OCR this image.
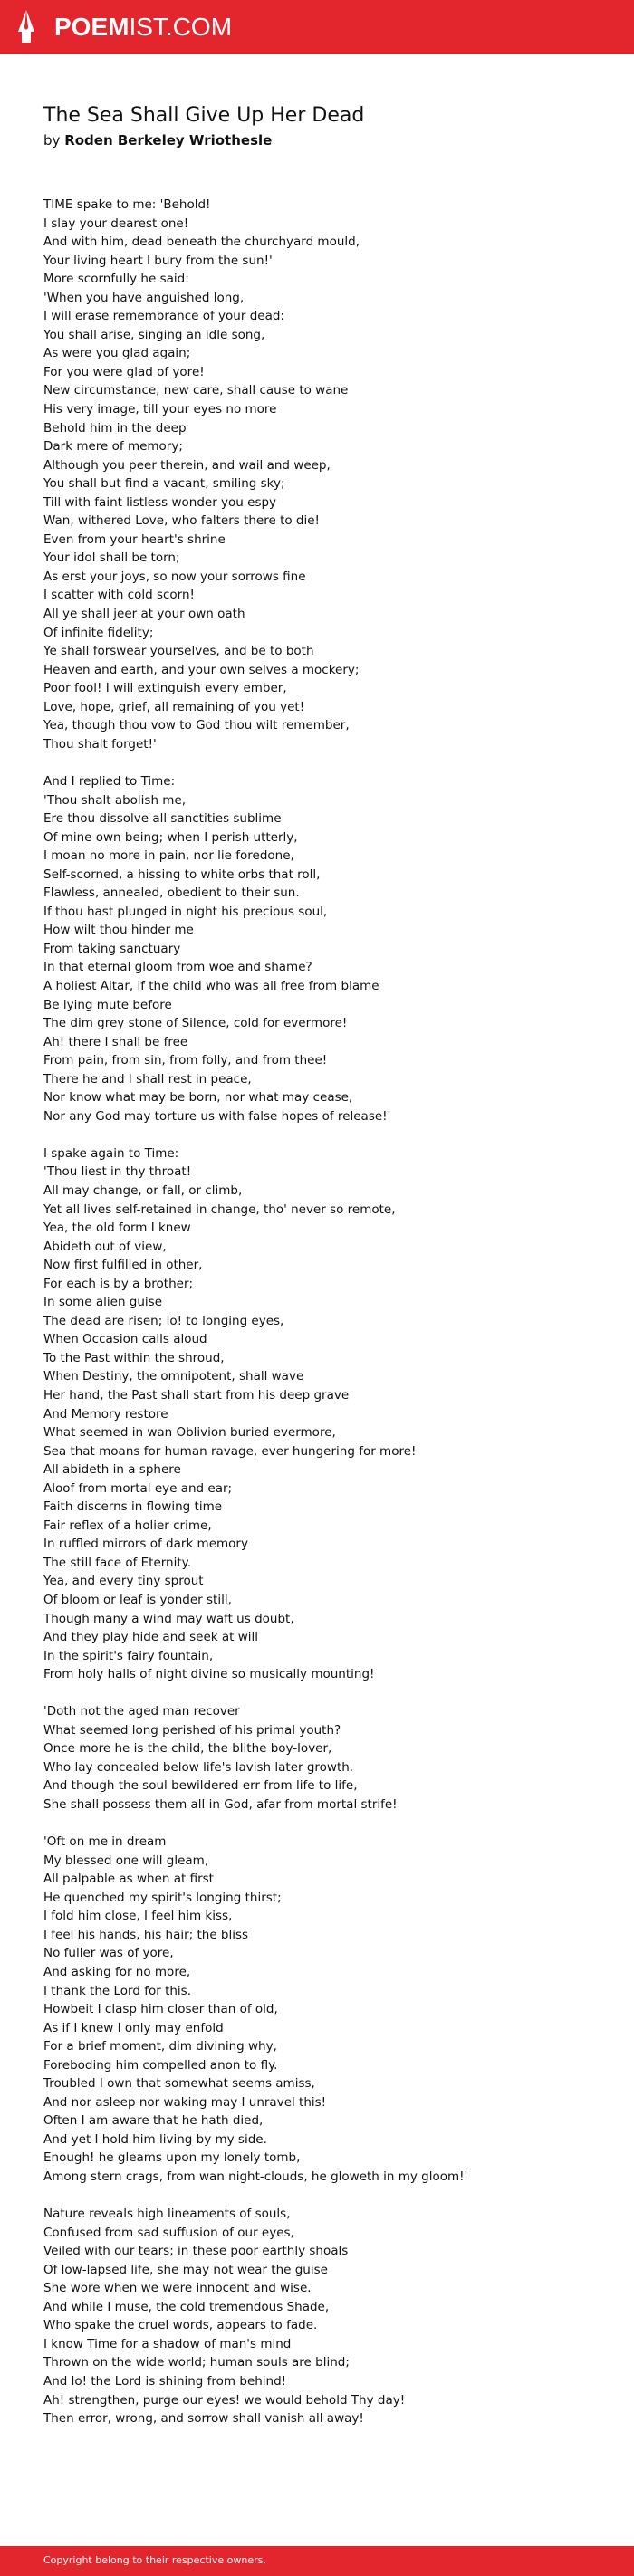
POEMIST.COM
The Sea Shall Give Up Her Dead
by Roden Berkeley Wriothesle

TIME spake to me: 'Behold!
I slay your dearest one!
And with him, dead beneath the churchyard mould,
Your living heart I bury from the sun!'
More scornfully he said:
'When you have anguished long,
I will erase remembrance of your dead:
You shall arise, singing an idle song,
As were you glad again;
For you were glad of yore!
New circumstance, new care, shall cause to wane
His very image, till your eyes no more
Behold him in the deep
Dark mere of memory;
Although you peer therein, and wail and weep,
You shall but find a vacant, smiling sky;
Till with faint listless wonder you espy
Wan, withered Love, who falters there to die!
Even from your heart's shrine
Your idol shall be torn;
As erst your joys, so now your sorrows fine
I scatter with cold scorn!
All ye shall jeer at your own oath
Of infinite fidelity;
Ye shall forswear yourselves, and be to both
Heaven and earth, and your own selves a mockery;
Poor fool! I will extinguish every ember,
Love, hope, grief, all remaining of you yet!
Yea, though thou vow to God thou wilt remember,
Thou shalt forget!'

And I replied to Time:
'Thou shalt abolish me,
Ere thou dissolve all sanctities sublime
Of mine own being; when I perish utterly,
I moan no more in pain, nor lie foredone,
Self-scorned, a hissing to white orbs that roll,
Flawless, annealed, obedient to their sun.
If thou hast plunged in night his precious soul,
How wilt thou hinder me
From taking sanctuary
In that eternal gloom from woe and shame?
A holiest Altar, if the child who was all free from blame
Be lying mute before
The dim grey stone of Silence, cold for evermore!
Ah! there I shall be free
From pain, from sin, from folly, and from thee!
There he and I shall rest in peace,
Nor know what may be born, nor what may cease,
Nor any God may torture us with false hopes of release!'

I spake again to Time:
'Thou liest in thy throat!
All may change, or fall, or climb,
Yet all lives self-retained in change, tho' never so remote,
Yea, the old form I knew
Abideth out of view,
Now first fulfilled in other,
For each is by a brother;
In some alien guise
The dead are risen; lo! to longing eyes,
When Occasion calls aloud
To the Past within the shroud,
When Destiny, the omnipotent, shall wave
Her hand, the Past shall start from his deep grave
And Memory restore
What seemed in wan Oblivion buried evermore,
Sea that moans for human ravage, ever hungering for more!
All abideth in a sphere
Aloof from mortal eye and ear;
Faith discerns in flowing time
Fair reflex of a holier crime,
In ruffled mirrors of dark memory
The still face of Eternity.
Yea, and every tiny sprout
Of bloom or leaf is yonder still,
Though many a wind may waft us doubt,
And they play hide and seek at will
In the spirit's fairy fountain,
From holy halls of night divine so musically mounting!

'Doth not the aged man recover
What seemed long perished of his primal youth?
Once more he is the child, the blithe boy-lover,
Who lay concealed below life's lavish later growth.
And though the soul bewildered err from life to life,
She shall possess them all in God, afar from mortal strife!

'Oft on me in dream
My blessed one will gleam,
All palpable as when at first
He quenched my spirit's longing thirst;
I fold him close, I feel him kiss,
I feel his hands, his hair; the bliss
No fuller was of yore,
And asking for no more,
I thank the Lord for this.
Howbeit I clasp him closer than of old,
As if I knew I only may enfold
For a brief moment, dim divining why,
Foreboding him compelled anon to fly.
Troubled I own that somewhat seems amiss,
And nor asleep nor waking may I unravel this!
Often I am aware that he hath died,
And yet I hold him living by my side.
Enough! he gleams upon my lonely tomb,
Among stern crags, from wan night-clouds, he gloweth in my gloom!'

Nature reveals high lineaments of souls,
Confused from sad suffusion of our eyes,
Veiled with our tears; in these poor earthly shoals
Of low-lapsed life, she may not wear the guise
She wore when we were innocent and wise.
And while I muse, the cold tremendous Shade,
Who spake the cruel words, appears to fade.
I know Time for a shadow of man's mind
Thrown on the wide world; human souls are blind;
And lo! the Lord is shining from behind!
Ah! strengthen, purge our eyes! we would behold Thy day!
Then error, wrong, and sorrow shall vanish all away!

Copyright belong to their respective owners.
